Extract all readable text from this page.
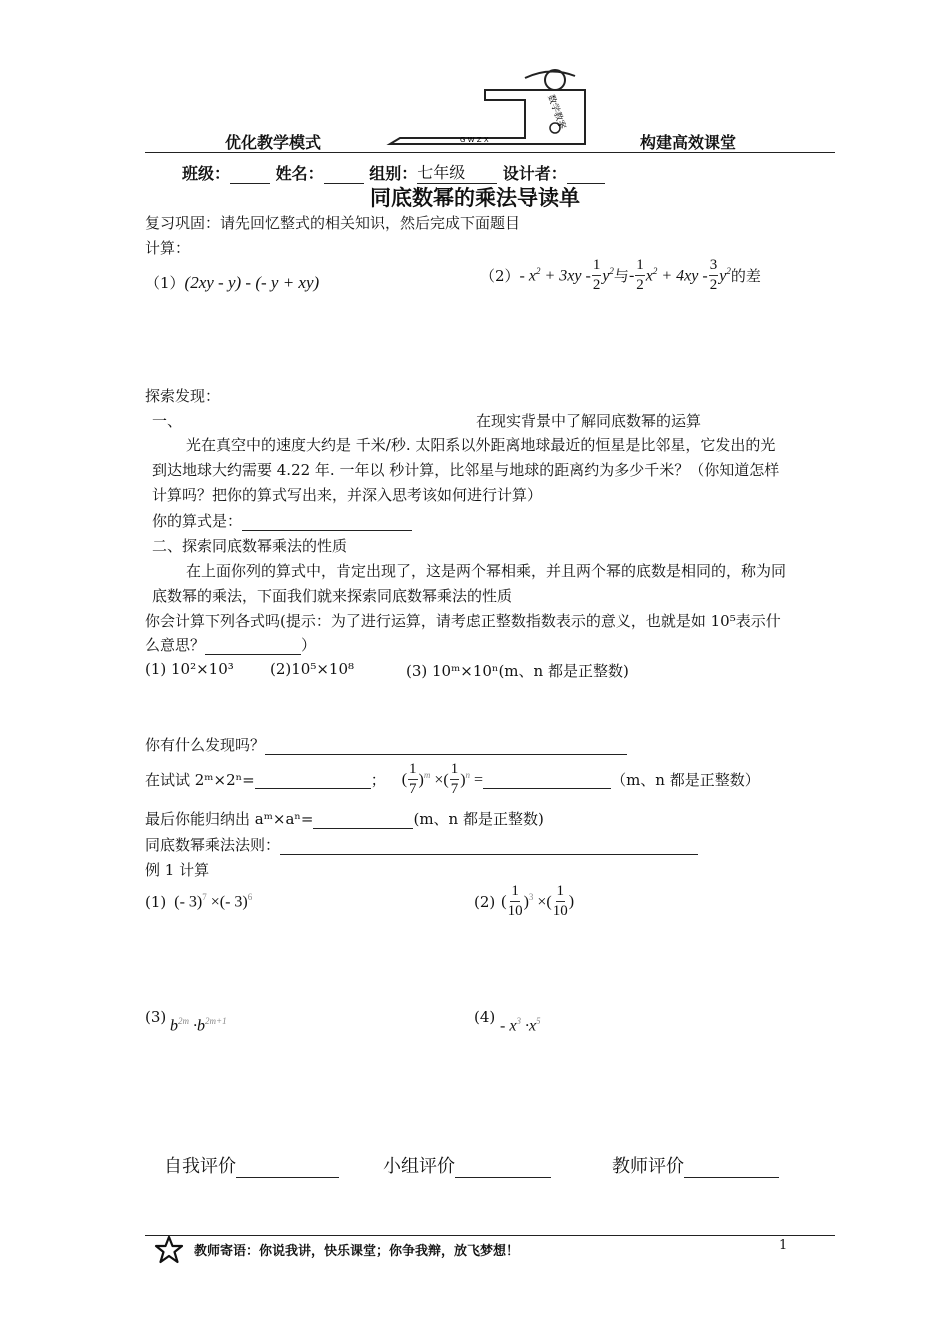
优化教学模式	构建高效课堂
G W Z X
数学教案
班级：	姓名：	组别：七年级 设计者：
同底数幂的乘法导读单
复习巩固：请先回忆整式的相关知识，然后完成下面题目
计算：
（1）(2xy - y) - (- y + xy)	$(2) - x^2 + 3xy - \frac{1}{2} y^2$ 与 - $\frac{1}{2} x^2 + 4xy - \frac{3}{2} y^2$ 的差
探索发现：
一、	在现实背景中了解同底数幂的运算
光在真空中的速度大约是 千米/秒. 太阳系以外距离地球最近的恒星是比邻星，它发出的光
到达地球大约需要 4.22 年. 一年以 秒计算，比邻星与地球的距离约为多少千米？（你知道怎样
计算吗？把你的算式写出来，并深入思考该如何进行计算）
你的算式是：
二、探索同底数幂乘法的性质
在上面你列的算式中，肯定出现了，这是两个幂相乘，并且两个幂的底数是相同的，称为同
底数幂的乘法，下面我们就来探索同底数幂乘法的性质
你会计算下列各式吗(提示：为了进行运算，请考虑正整数指数表示的意义，也就是如 10⁵表示什
么意思？	）
(1) 10²×10³ (2)10⁵×10⁸	(3) 10ᵐ×10ⁿ(m、n 都是正整数)
你有什么发现吗？
在试试 2ᵐ×2ⁿ=
	； ( $\frac{1}{7} )^m$ ×( $\frac{1}{7} )^n$ =
	（m、n 都是正整数）
最后你能归纳出 aᵐ×aⁿ=	(m、n 都是正整数)
同底数幂乘法法则：
例 1 计算
(1) (- 3)$^7$ ×(- 3)$^6$	(2) ( $\frac{1}{10} )^3$ ×( $\frac{1}{10}$ )
(3) $b^{2m} \cdot b^{2m+1}$	$(4) - x^3 \cdot x^5$
自我评价	小组评价	教师评价
教师寄语：你说我讲，快乐课堂；你争我辩，放飞梦想！	1
